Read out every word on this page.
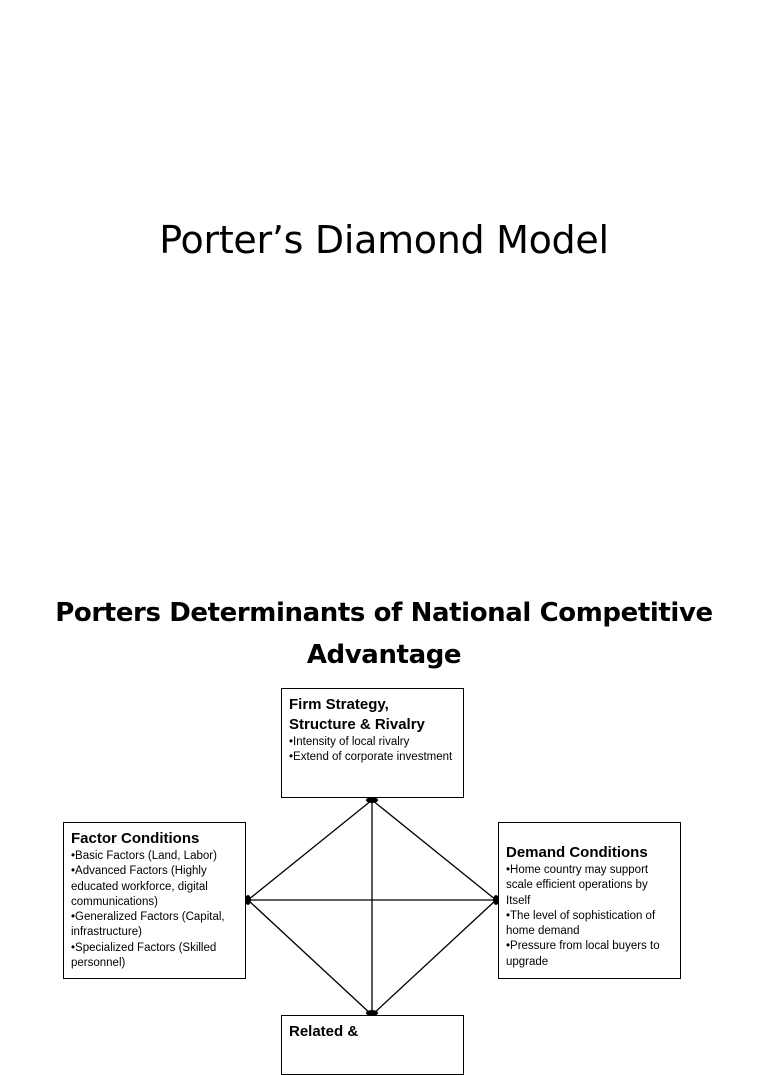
Porter’s Diamond Model
Porters Determinants of National Competitive Advantage
Firm Strategy, Structure & Rivalry
• Intensity of local rivalry
• Extend of corporate investment
Factor Conditions
• Basic Factors (Land, Labor)
• Advanced Factors (Highly educated workforce, digital communications)
• Generalized Factors (Capital, infrastructure)
• Specialized Factors (Skilled personnel)
Demand Conditions
• Home country may support scale efficient operations by Itself
• The level of sophistication of home demand
• Pressure from local buyers to upgrade
Related &
